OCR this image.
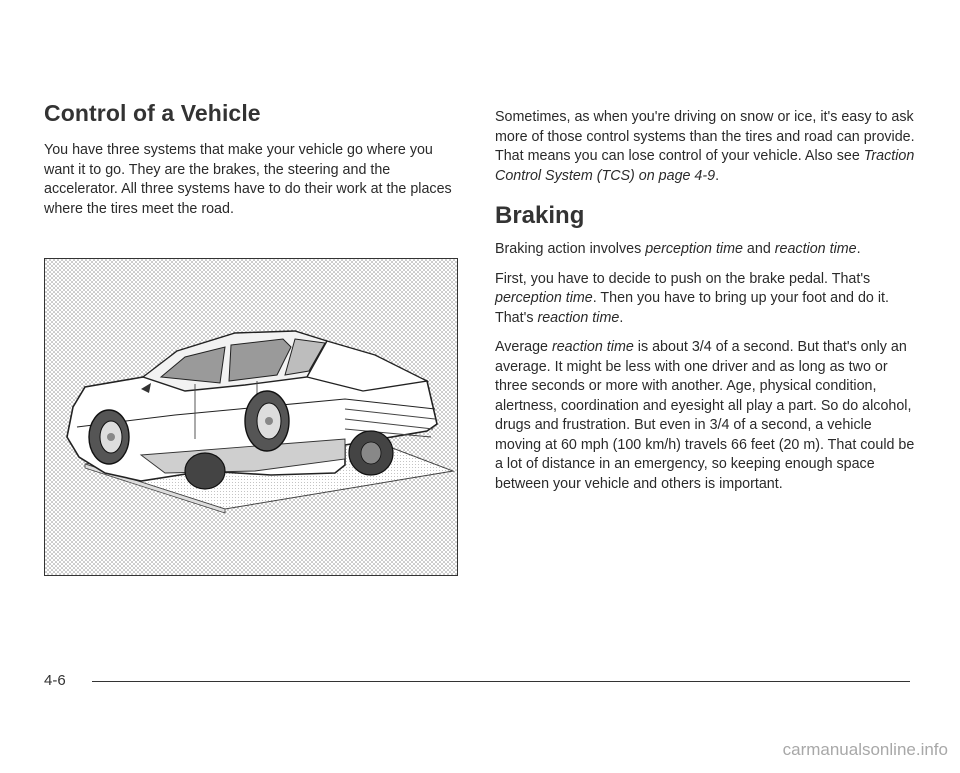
Control of a Vehicle

You have three systems that make your vehicle go where you want it to go. They are the brakes, the steering and the accelerator. All three systems have to do their work at the places where the tires meet the road.

Sometimes, as when you're driving on snow or ice, it's easy to ask more of those control systems than the tires and road can provide. That means you can lose control of your vehicle. Also see Traction Control System (TCS) on page 4-9.

Braking

Braking action involves perception time and reaction time.

First, you have to decide to push on the brake pedal. That's perception time. Then you have to bring up your foot and do it. That's reaction time.

Average reaction time is about 3/4 of a second. But that's only an average. It might be less with one driver and as long as two or three seconds or more with another. Age, physical condition, alertness, coordination and eyesight all play a part. So do alcohol, drugs and frustration. But even in 3/4 of a second, a vehicle moving at 60 mph (100 km/h) travels 66 feet (20 m). That could be a lot of distance in an emergency, so keeping enough space between your vehicle and others is important.

4-6
carmanualsonline.info
